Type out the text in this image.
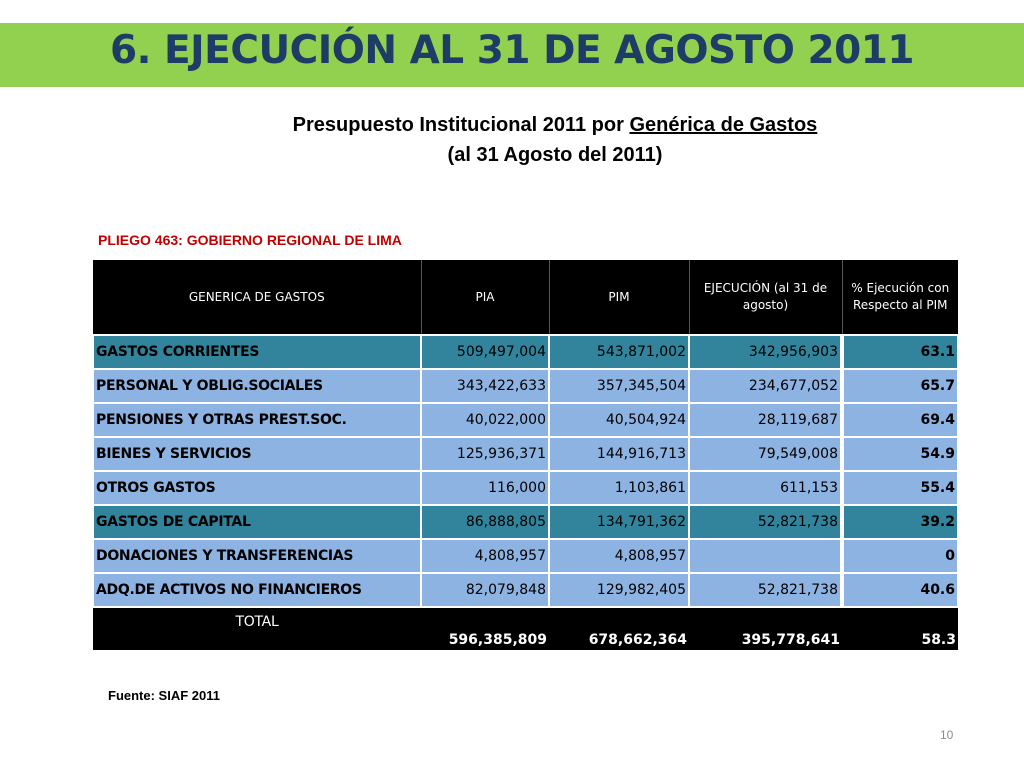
6. EJECUCIÓN AL 31 DE AGOSTO 2011
Presupuesto Institucional 2011 por Genérica de Gastos
(al 31 Agosto del 2011)
PLIEGO 463: GOBIERNO REGIONAL DE LIMA
GENERICA DE GASTOS	PIA	PIM	EJECUCIÓN (al 31 de agosto)	% Ejecución con Respecto al PIM
GASTOS CORRIENTES	509,497,004	543,871,002	342,956,903	63.1
PERSONAL Y OBLIG.SOCIALES	343,422,633	357,345,504	234,677,052	65.7
PENSIONES Y OTRAS PREST.SOC.	40,022,000	40,504,924	28,119,687	69.4
BIENES Y SERVICIOS	125,936,371	144,916,713	79,549,008	54.9
OTROS GASTOS	116,000	1,103,861	611,153	55.4
GASTOS DE CAPITAL	86,888,805	134,791,362	52,821,738	39.2
DONACIONES Y TRANSFERENCIAS	4,808,957	4,808,957		0
ADQ.DE ACTIVOS NO FINANCIEROS	82,079,848	129,982,405	52,821,738	40.6
TOTAL	596,385,809	678,662,364	395,778,641	58.3
Fuente: SIAF 2011
10
